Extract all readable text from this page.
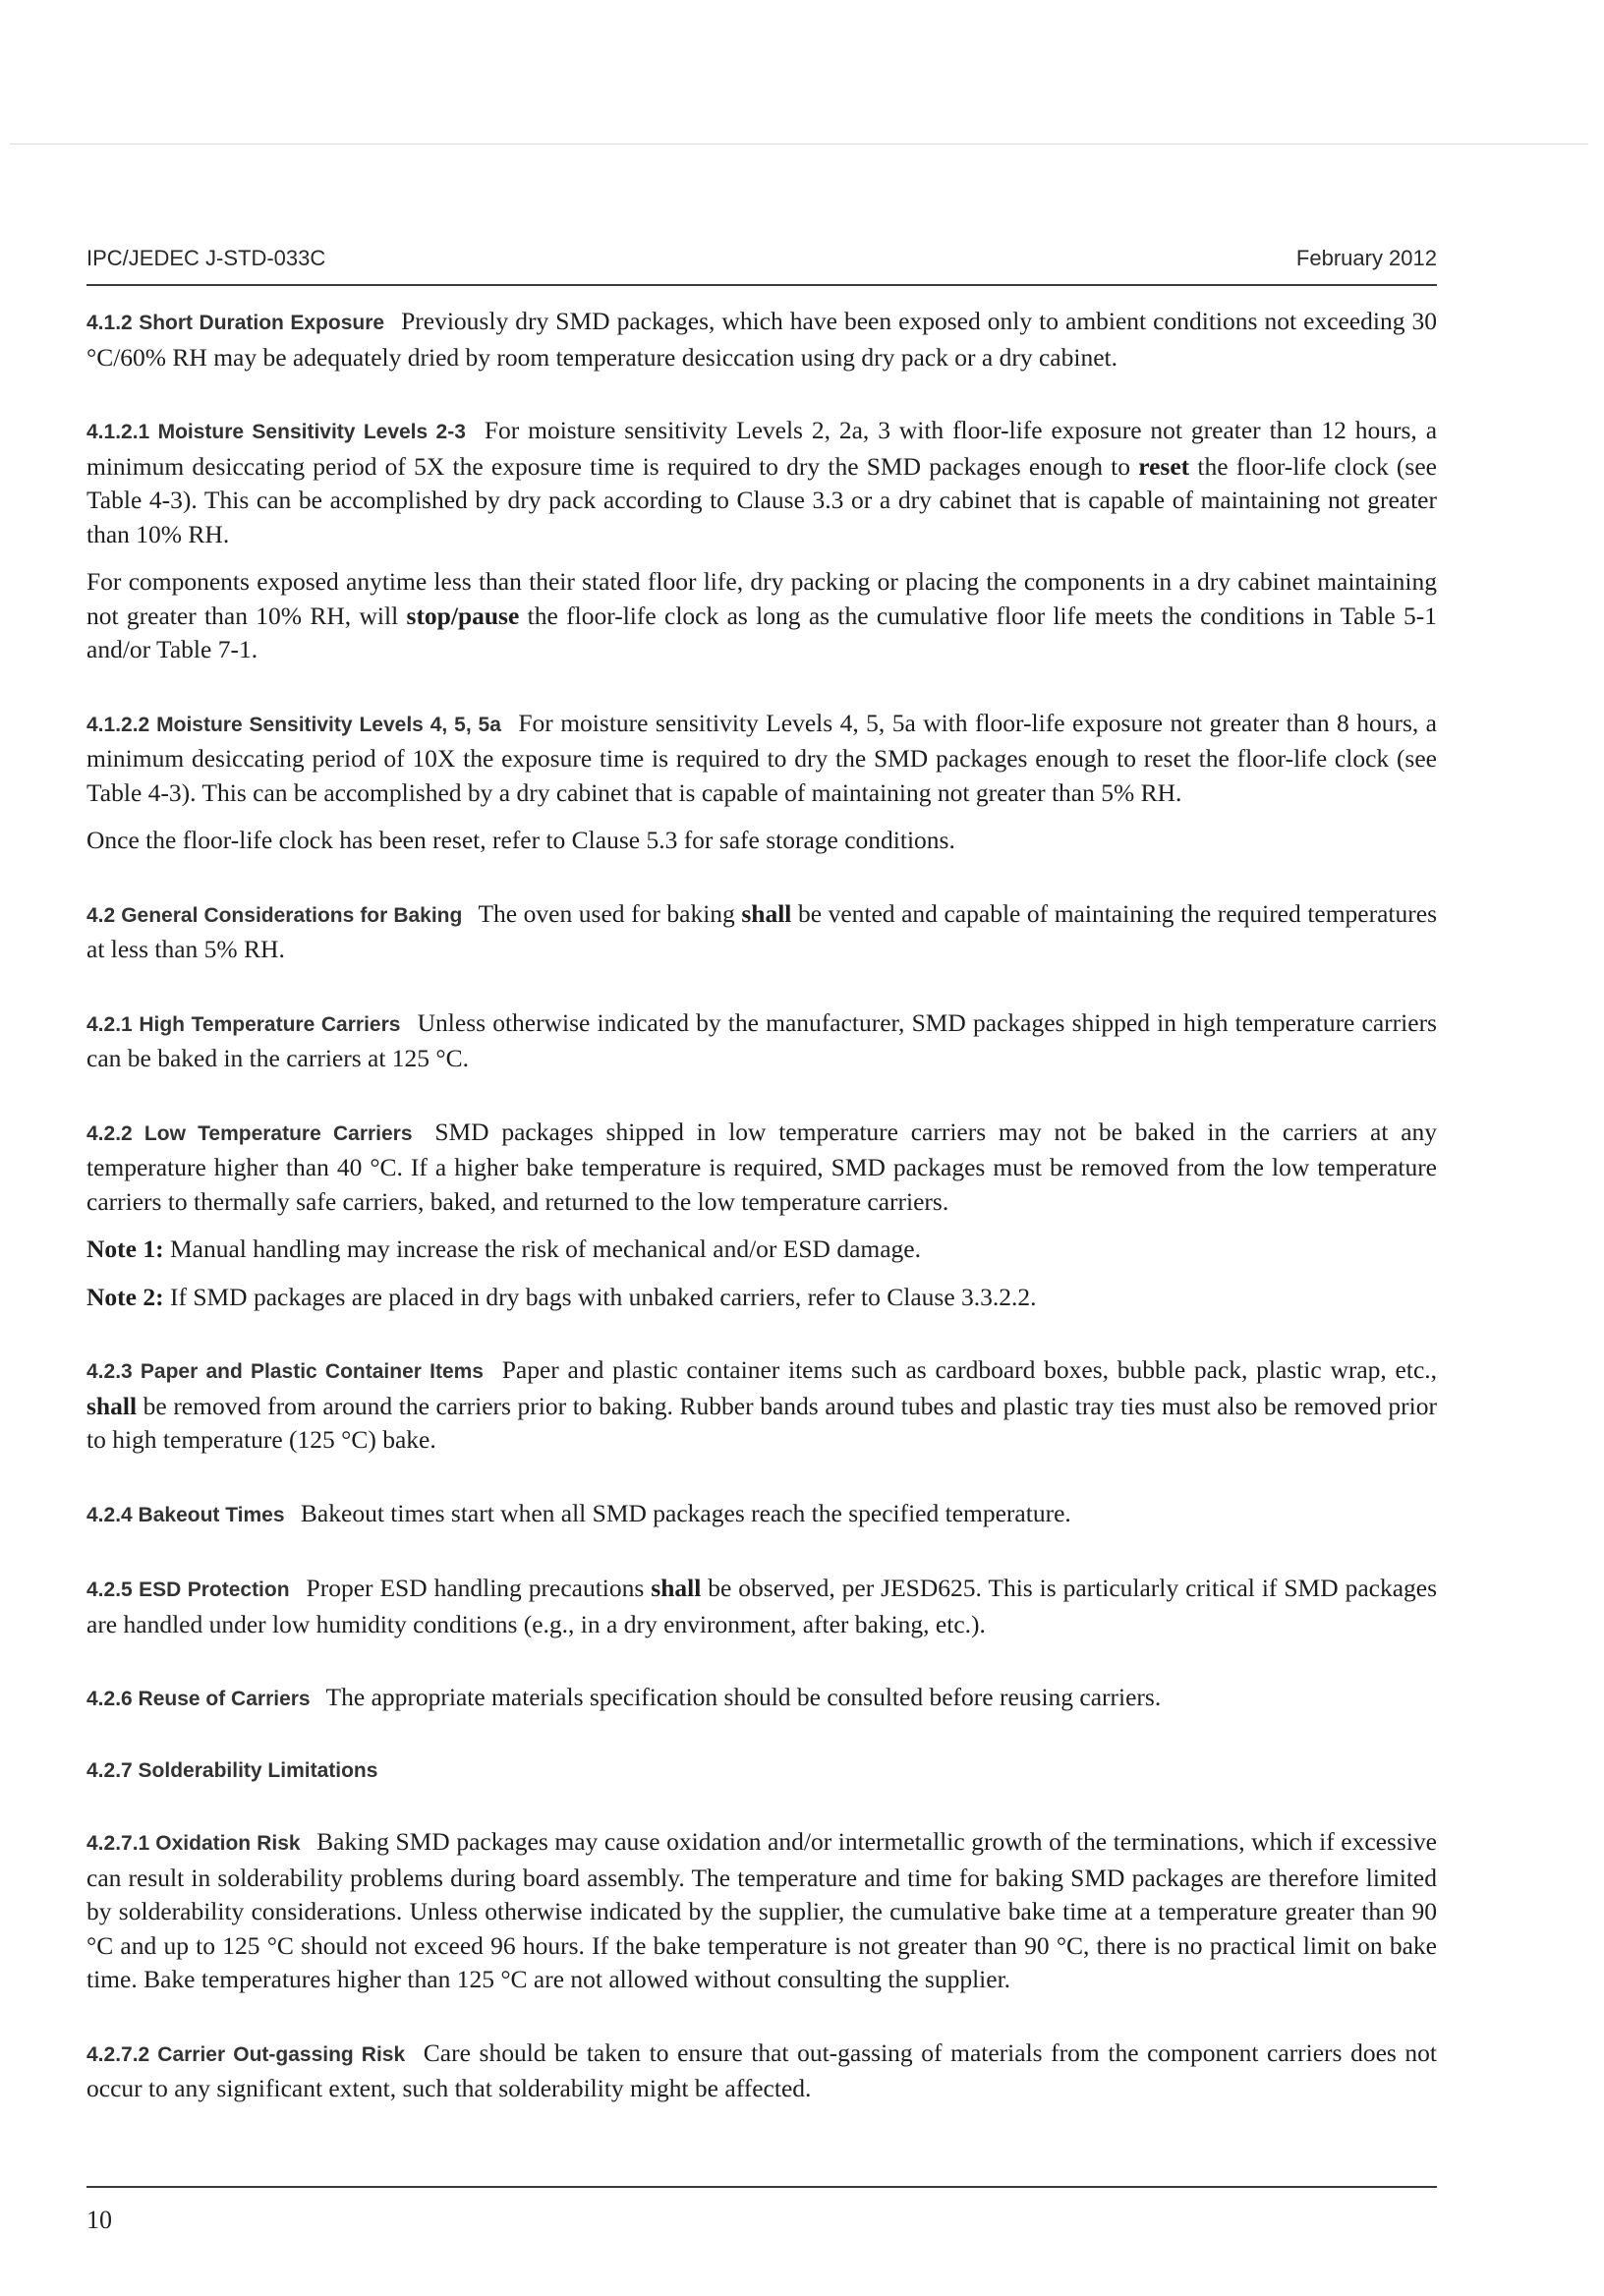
IPC/JEDEC J-STD-033C	February 2012

4.1.2 Short Duration Exposure Previously dry SMD packages, which have been exposed only to ambient conditions not exceeding 30 °C/60% RH may be adequately dried by room temperature desiccation using dry pack or a dry cabinet.

4.1.2.1 Moisture Sensitivity Levels 2-3 For moisture sensitivity Levels 2, 2a, 3 with floor-life exposure not greater than 12 hours, a minimum desiccating period of 5X the exposure time is required to dry the SMD packages enough to reset the floor-life clock (see Table 4-3). This can be accomplished by dry pack according to Clause 3.3 or a dry cabinet that is capable of maintaining not greater than 10% RH.

For components exposed anytime less than their stated floor life, dry packing or placing the components in a dry cabinet maintaining not greater than 10% RH, will stop/pause the floor-life clock as long as the cumulative floor life meets the conditions in Table 5-1 and/or Table 7-1.

4.1.2.2 Moisture Sensitivity Levels 4, 5, 5a For moisture sensitivity Levels 4, 5, 5a with floor-life exposure not greater than 8 hours, a minimum desiccating period of 10X the exposure time is required to dry the SMD packages enough to reset the floor-life clock (see Table 4-3). This can be accomplished by a dry cabinet that is capable of maintaining not greater than 5% RH.

Once the floor-life clock has been reset, refer to Clause 5.3 for safe storage conditions.

4.2 General Considerations for Baking The oven used for baking shall be vented and capable of maintaining the required temperatures at less than 5% RH.

4.2.1 High Temperature Carriers Unless otherwise indicated by the manufacturer, SMD packages shipped in high temperature carriers can be baked in the carriers at 125 °C.

4.2.2 Low Temperature Carriers SMD packages shipped in low temperature carriers may not be baked in the carriers at any temperature higher than 40 °C. If a higher bake temperature is required, SMD packages must be removed from the low temperature carriers to thermally safe carriers, baked, and returned to the low temperature carriers.

Note 1: Manual handling may increase the risk of mechanical and/or ESD damage.

Note 2: If SMD packages are placed in dry bags with unbaked carriers, refer to Clause 3.3.2.2.

4.2.3 Paper and Plastic Container Items Paper and plastic container items such as cardboard boxes, bubble pack, plastic wrap, etc., shall be removed from around the carriers prior to baking. Rubber bands around tubes and plastic tray ties must also be removed prior to high temperature (125 °C) bake.

4.2.4 Bakeout Times Bakeout times start when all SMD packages reach the specified temperature.

4.2.5 ESD Protection Proper ESD handling precautions shall be observed, per JESD625. This is particularly critical if SMD packages are handled under low humidity conditions (e.g., in a dry environment, after baking, etc.).

4.2.6 Reuse of Carriers The appropriate materials specification should be consulted before reusing carriers.

4.2.7 Solderability Limitations

4.2.7.1 Oxidation Risk Baking SMD packages may cause oxidation and/or intermetallic growth of the terminations, which if excessive can result in solderability problems during board assembly. The temperature and time for baking SMD packages are therefore limited by solderability considerations. Unless otherwise indicated by the supplier, the cumulative bake time at a temperature greater than 90 °C and up to 125 °C should not exceed 96 hours. If the bake temperature is not greater than 90 °C, there is no practical limit on bake time. Bake temperatures higher than 125 °C are not allowed without consulting the supplier.

4.2.7.2 Carrier Out-gassing Risk Care should be taken to ensure that out-gassing of materials from the component carriers does not occur to any significant extent, such that solderability might be affected.

10
